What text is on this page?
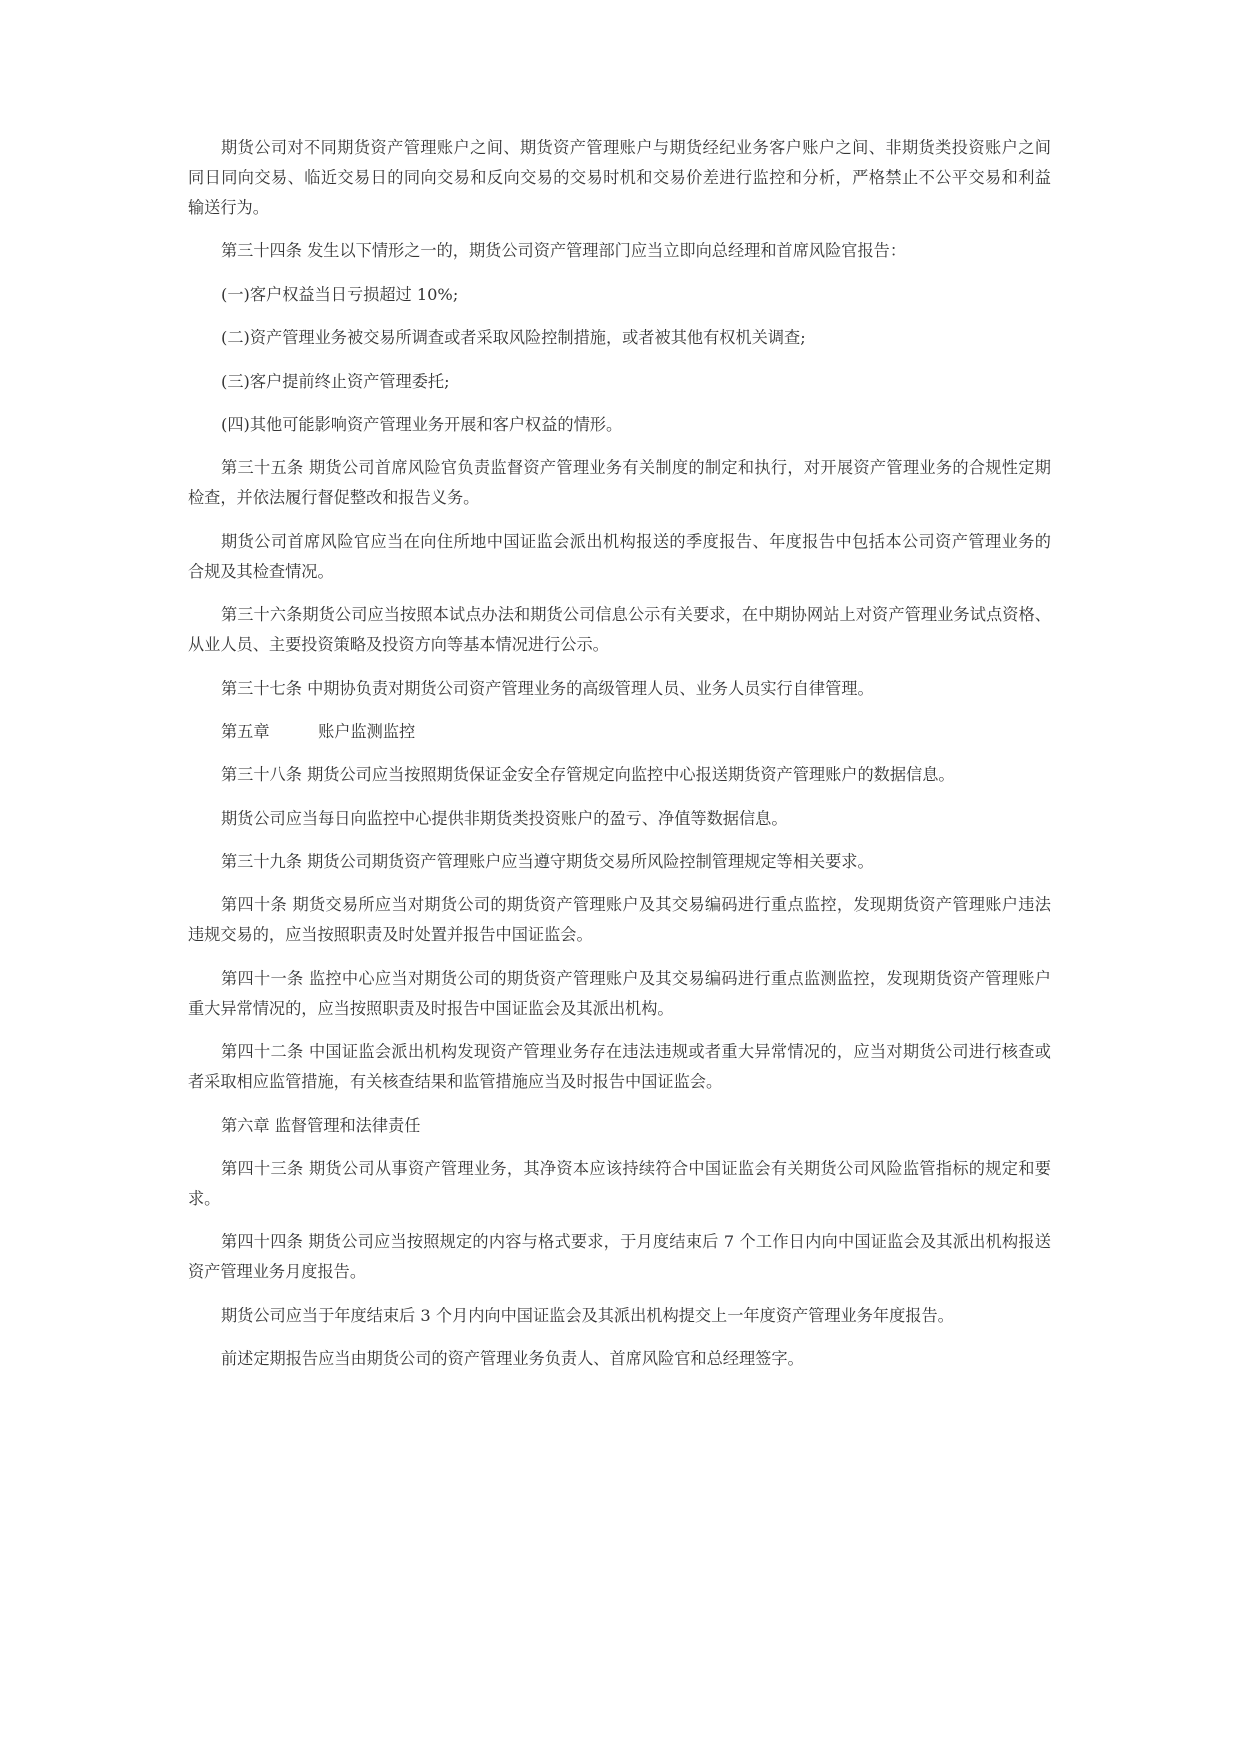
期货公司对不同期货资产管理账户之间、期货资产管理账户与期货经纪业务客户账户之间、非期货类投资账户之间
同日同向交易、临近交易日的同向交易和反向交易的交易时机和交易价差进行监控和分析，严格禁止不公平交易和利益
输送行为。

第三十四条 发生以下情形之一的，期货公司资产管理部门应当立即向总经理和首席风险官报告：

(一)客户权益当日亏损超过 10%;

(二)资产管理业务被交易所调查或者采取风险控制措施，或者被其他有权机关调查;

(三)客户提前终止资产管理委托;

(四)其他可能影响资产管理业务开展和客户权益的情形。

第三十五条 期货公司首席风险官负责监督资产管理业务有关制度的制定和执行，对开展资产管理业务的合规性定期
检查，并依法履行督促整改和报告义务。

期货公司首席风险官应当在向住所地中国证监会派出机构报送的季度报告、年度报告中包括本公司资产管理业务的
合规及其检查情况。

第三十六条期货公司应当按照本试点办法和期货公司信息公示有关要求，在中期协网站上对资产管理业务试点资格、
从业人员、主要投资策略及投资方向等基本情况进行公示。

第三十七条 中期协负责对期货公司资产管理业务的高级管理人员、业务人员实行自律管理。

第五章　　　账户监测监控

第三十八条 期货公司应当按照期货保证金安全存管规定向监控中心报送期货资产管理账户的数据信息。

期货公司应当每日向监控中心提供非期货类投资账户的盈亏、净值等数据信息。

第三十九条 期货公司期货资产管理账户应当遵守期货交易所风险控制管理规定等相关要求。

第四十条 期货交易所应当对期货公司的期货资产管理账户及其交易编码进行重点监控，发现期货资产管理账户违法
违规交易的，应当按照职责及时处置并报告中国证监会。

第四十一条 监控中心应当对期货公司的期货资产管理账户及其交易编码进行重点监测监控，发现期货资产管理账户
重大异常情况的，应当按照职责及时报告中国证监会及其派出机构。

第四十二条 中国证监会派出机构发现资产管理业务存在违法违规或者重大异常情况的，应当对期货公司进行核查或
者采取相应监管措施，有关核查结果和监管措施应当及时报告中国证监会。

第六章 监督管理和法律责任

第四十三条 期货公司从事资产管理业务，其净资本应该持续符合中国证监会有关期货公司风险监管指标的规定和要
求。

第四十四条 期货公司应当按照规定的内容与格式要求，于月度结束后 7 个工作日内向中国证监会及其派出机构报送
资产管理业务月度报告。

期货公司应当于年度结束后 3 个月内向中国证监会及其派出机构提交上一年度资产管理业务年度报告。

前述定期报告应当由期货公司的资产管理业务负责人、首席风险官和总经理签字。
